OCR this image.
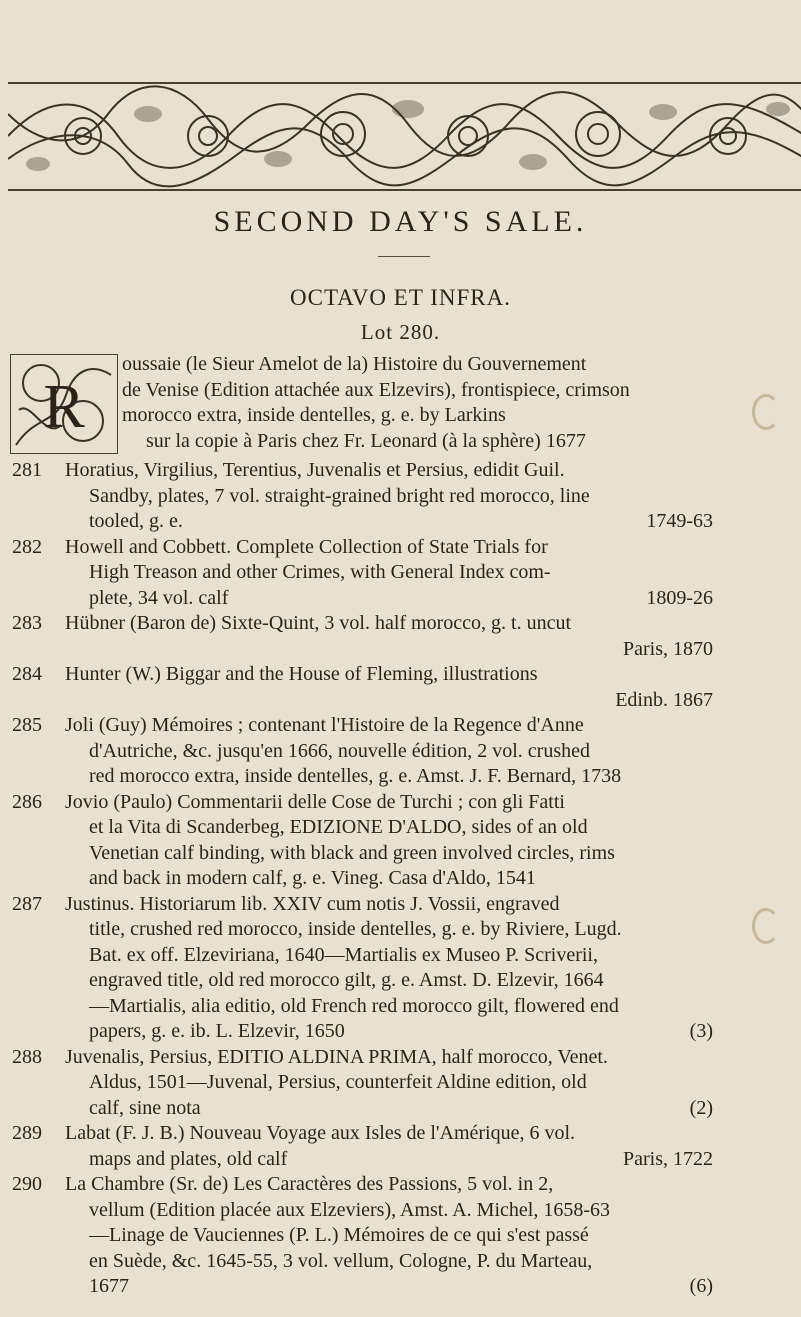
SECOND DAY'S SALE.
OCTAVO ET INFRA.
Lot 280.
R
oussaie (le Sieur Amelot de la) Histoire du Gouvernement
de Venise (Edition attachée aux Elzevirs), frontispiece, crimson
morocco extra, inside dentelles, g. e. by Larkins
sur la copie à Paris chez Fr. Leonard (à la sphère) 1677
281	Horatius, Virgilius, Terentius, Juvenalis et Persius, edidit Guil.
Sandby, plates, 7 vol. straight-grained bright red morocco, line
tooled, g. e.	1749-63
282	Howell and Cobbett. Complete Collection of State Trials for
High Treason and other Crimes, with General Index com-
plete, 34 vol. calf	1809-26
283	Hübner (Baron de) Sixte-Quint, 3 vol. half morocco, g. t. uncut
Paris, 1870

284	Hunter (W.) Biggar and the House of Fleming, illustrations
Edinb. 1867

285	Joli (Guy) Mémoires ; contenant l'Histoire de la Regence d'Anne
d'Autriche, &c. jusqu'en 1666, nouvelle édition, 2 vol. crushed
red morocco extra, inside dentelles, g. e. Amst. J. F. Bernard, 1738
286	Jovio (Paulo) Commentarii delle Cose de Turchi ; con gli Fatti
et la Vita di Scanderbeg, EDIZIONE D'ALDO, sides of an old
Venetian calf binding, with black and green involved circles, rims
and back in modern calf, g. e. Vineg. Casa d'Aldo, 1541
287	Justinus. Historiarum lib. XXIV cum notis J. Vossii, engraved
title, crushed red morocco, inside dentelles, g. e. by Riviere, Lugd.
Bat. ex off. Elzeviriana, 1640—Martialis ex Museo P. Scriverii,
engraved title, old red morocco gilt, g. e. Amst. D. Elzevir, 1664
—Martialis, alia editio, old French red morocco gilt, flowered end
papers, g. e. ib. L. Elzevir, 1650	(3)
288	Juvenalis, Persius, EDITIO ALDINA PRIMA, half morocco, Venet.
Aldus, 1501—Juvenal, Persius, counterfeit Aldine edition, old
calf, sine nota	(2)
289	Labat (F. J. B.) Nouveau Voyage aux Isles de l'Amérique, 6 vol.
maps and plates, old calf	Paris, 1722
290	La Chambre (Sr. de) Les Caractères des Passions, 5 vol. in 2,
vellum (Edition placée aux Elzeviers), Amst. A. Michel, 1658-63
—Linage de Vauciennes (P. L.) Mémoires de ce qui s'est passé
en Suède, &c. 1645-55, 3 vol. vellum, Cologne, P. du Marteau,
1677	(6)
